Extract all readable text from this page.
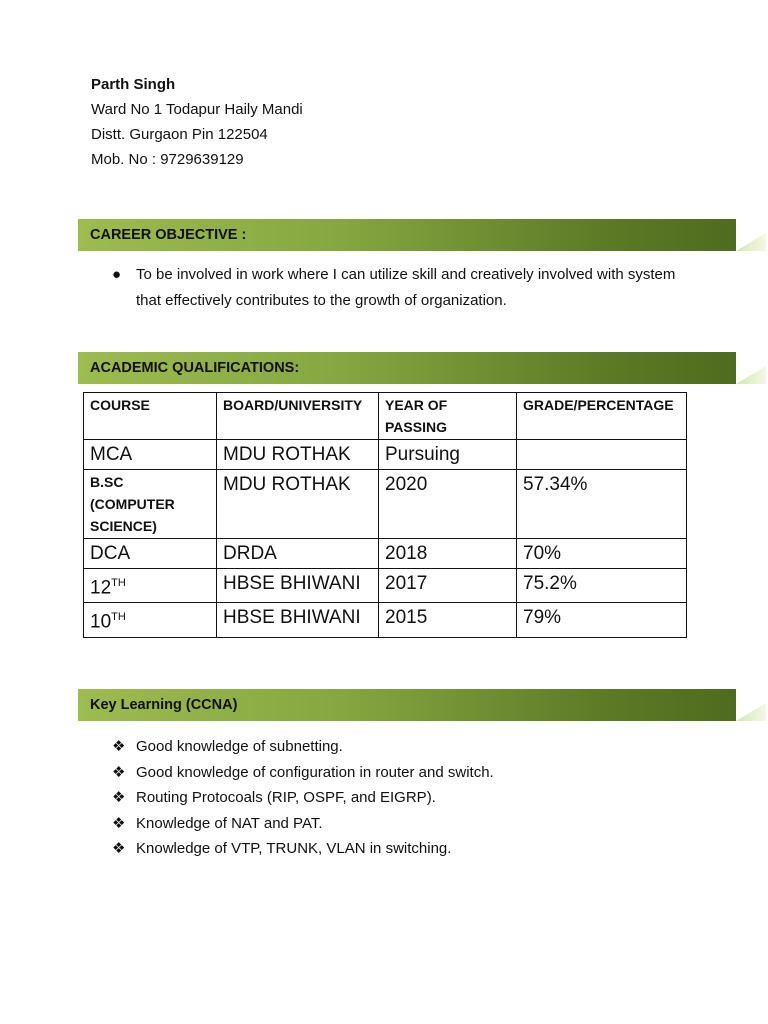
Parth Singh
Ward No 1 Todapur Haily Mandi
Distt. Gurgaon Pin 122504
Mob. No : 9729639129
CAREER OBJECTIVE :
● To be involved in work where I can utilize skill and creatively involved with system that effectively contributes to the growth of organization.
ACADEMIC QUALIFICATIONS:
COURSE	BOARD/UNIVERSITY	YEAR OF PASSING	GRADE/PERCENTAGE
MCA	MDU ROTHAK	Pursuing	
B.SC (COMPUTER SCIENCE)	MDU ROTHAK	2020	57.34%
DCA	DRDA	2018	70%
12TH	HBSE BHIWANI	2017	75.2%
10TH	HBSE BHIWANI	2015	79%
Key Learning (CCNA)
❖ Good knowledge of subnetting.
❖ Good knowledge of configuration in router and switch.
❖ Routing Protocoals (RIP, OSPF, and EIGRP).
❖ Knowledge of NAT and PAT.
❖ Knowledge of VTP, TRUNK, VLAN in switching.
